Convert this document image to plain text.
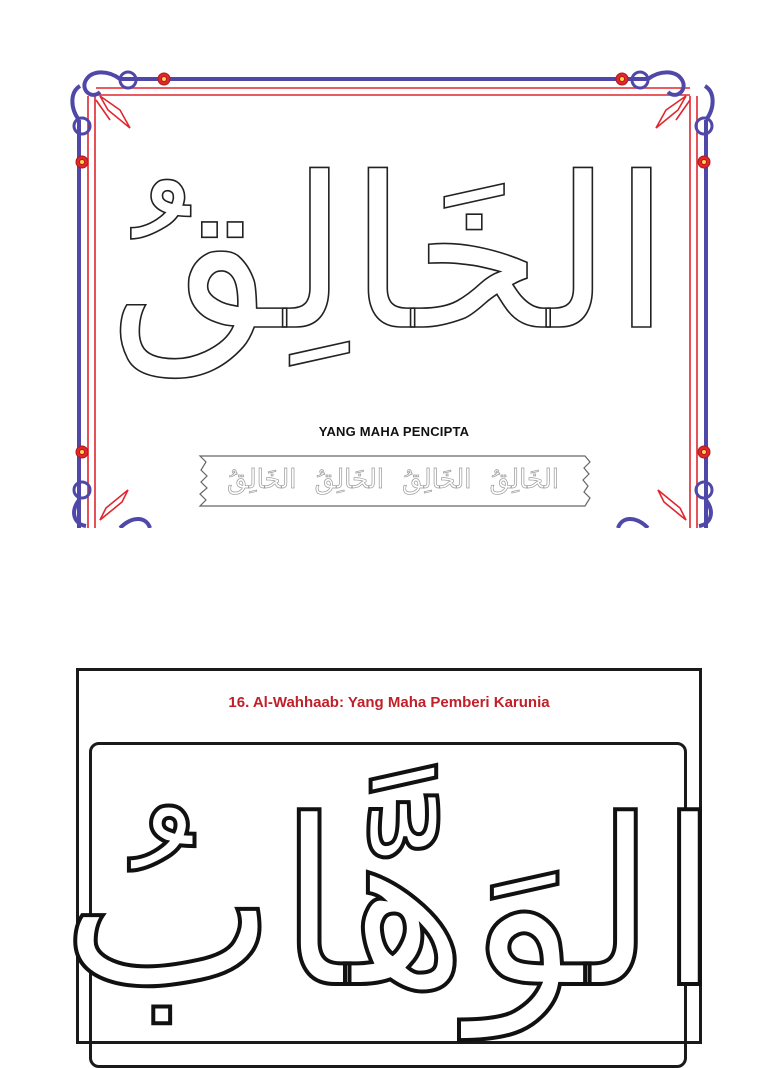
الخَالِقُ
YANG MAHA PENCIPTA
الخَالِقُ
الخَالِقُ
الخَالِقُ
الخَالِقُ
16. Al-Wahhaab: Yang Maha Pemberi Karunia
الوَهَّابُ
